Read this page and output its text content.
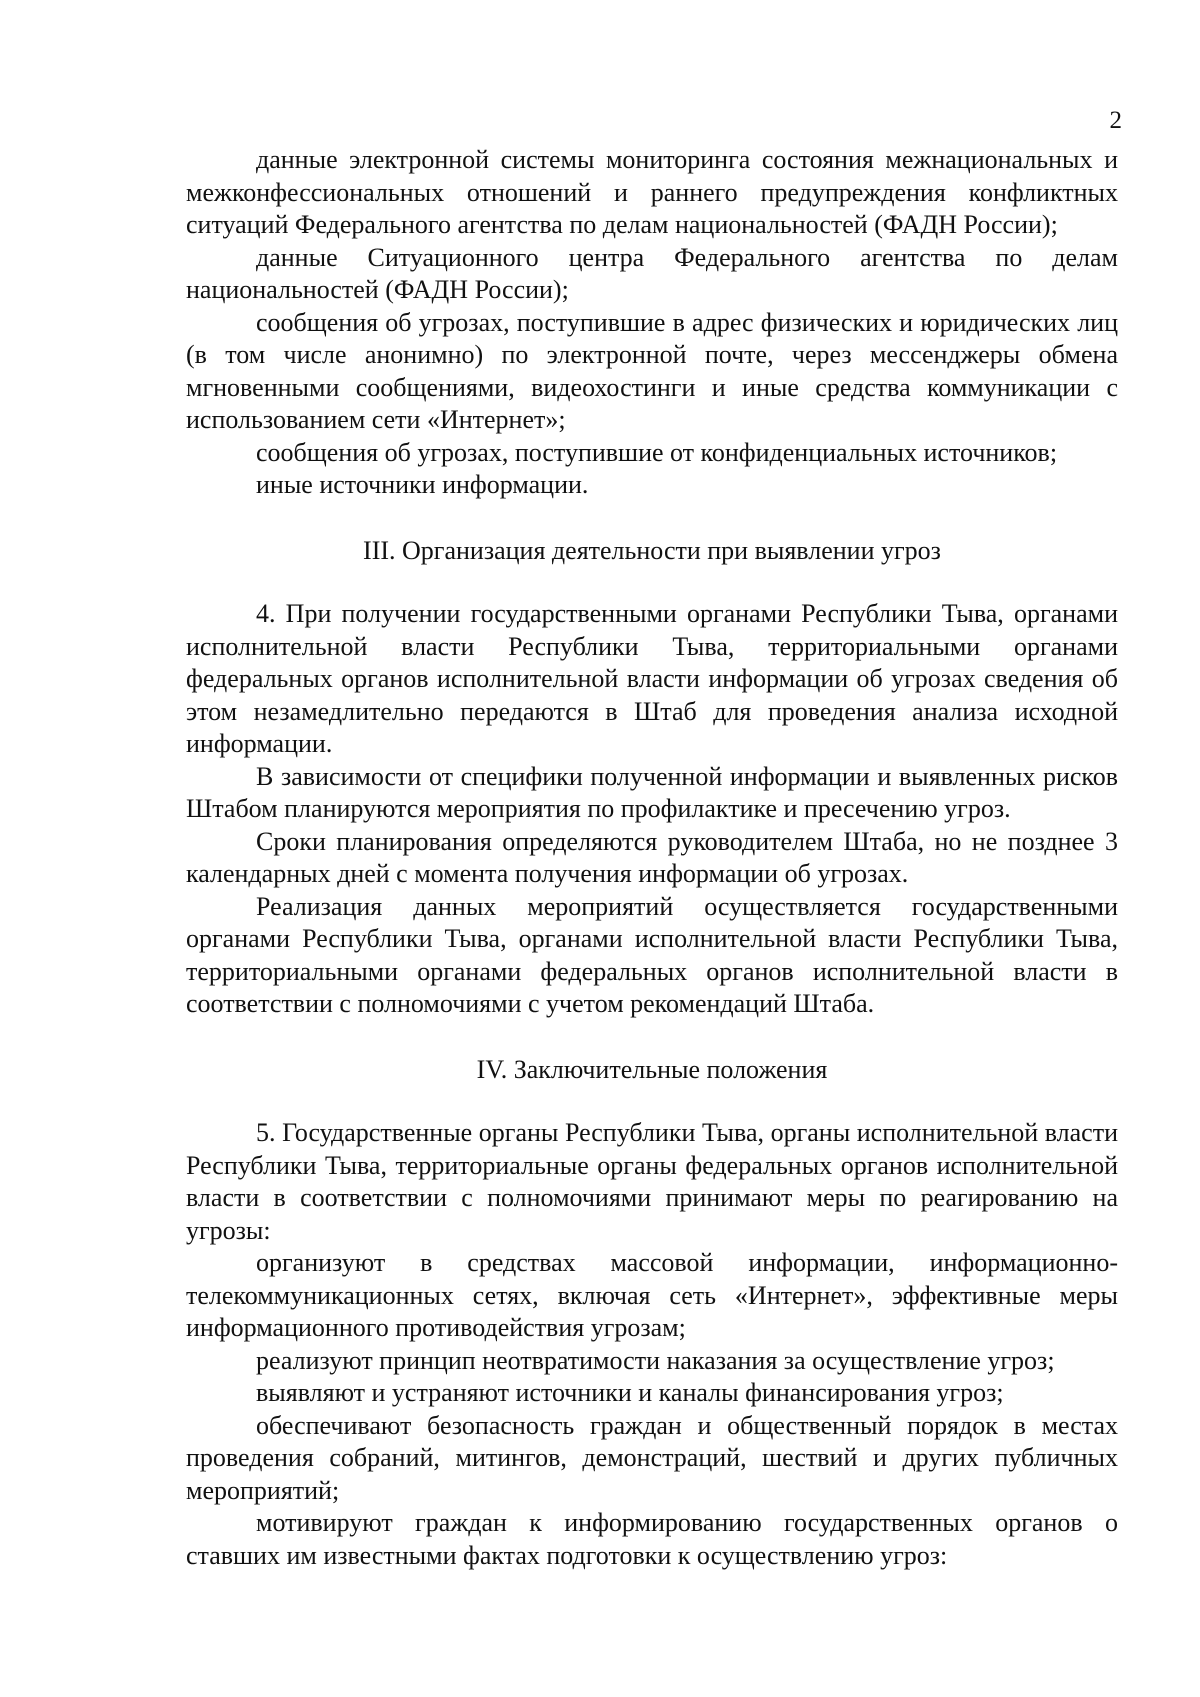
2

данные электронной системы мониторинга состояния межнациональных и межконфессиональных отношений и раннего предупреждения конфликтных ситуаций Федерального агентства по делам национальностей (ФАДН России);

данные Ситуационного центра Федерального агентства по делам национальностей (ФАДН России);

сообщения об угрозах, поступившие в адрес физических и юридических лиц (в том числе анонимно) по электронной почте, через мессенджеры обмена мгновенными сообщениями, видеохостинги и иные средства коммуникации с использованием сети «Интернет»;

сообщения об угрозах, поступившие от конфиденциальных источников;

иные источники информации.

III. Организация деятельности при выявлении угроз

4. При получении государственными органами Республики Тыва, органами исполнительной власти Республики Тыва, территориальными органами федеральных органов исполнительной власти информации об угрозах сведения об этом незамедлительно передаются в Штаб для проведения анализа исходной информации.

В зависимости от специфики полученной информации и выявленных рисков Штабом планируются мероприятия по профилактике и пресечению угроз.

Сроки планирования определяются руководителем Штаба, но не позднее 3 календарных дней с момента получения информации об угрозах.

Реализация данных мероприятий осуществляется государственными органами Республики Тыва, органами исполнительной власти Республики Тыва, территориальными органами федеральных органов исполнительной власти в соответствии с полномочиями с учетом рекомендаций Штаба.

IV. Заключительные положения

5. Государственные органы Республики Тыва, органы исполнительной власти Республики Тыва, территориальные органы федеральных органов исполнительной власти в соответствии с полномочиями принимают меры по реагированию на угрозы:

организуют в средствах массовой информации, информационно-телекоммуникационных сетях, включая сеть «Интернет», эффективные меры информационного противодействия угрозам;

реализуют принцип неотвратимости наказания за осуществление угроз;

выявляют и устраняют источники и каналы финансирования угроз;

обеспечивают безопасность граждан и общественный порядок в местах проведения собраний, митингов, демонстраций, шествий и других публичных мероприятий;

мотивируют граждан к информированию государственных органов о ставших им известными фактах подготовки к осуществлению угроз:
